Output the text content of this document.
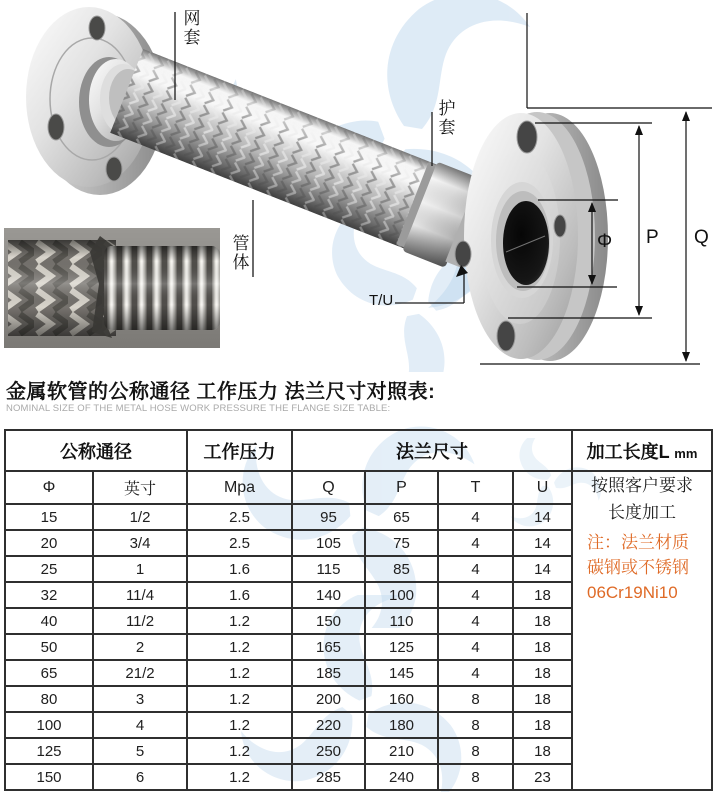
网套
护套
管体
T/U
Φ P Q
金属软管的公称通径 工作压力 法兰尺寸对照表:
NOMINAL SIZE OF THE METAL HOSE WORK PRESSURE THE FLANGE SIZE TABLE:
公称通径		工作压力	法兰尺寸				加工长度L mm
Φ	英寸	Mpa	Q	P	T	U	按照客户要求
长度加工
注：法兰材质
碳钢或不锈钢
06Cr19Ni10

15	1/2	2.5	95	65	4	14	
20	3/4	2.5	105	75	4	14	
25	1	1.6	115	85	4	14	
32	11/4	1.6	140	100	4	18	
40	11/2	1.2	150	110	4	18	
50	2	1.2	165	125	4	18	
65	21/2	1.2	185	145	4	18	
80	3	1.2	200	160	8	18	
100	4	1.2	220	180	8	18	
125	5	1.2	250	210	8	18	
150	6	1.2	285	240	8	23	
